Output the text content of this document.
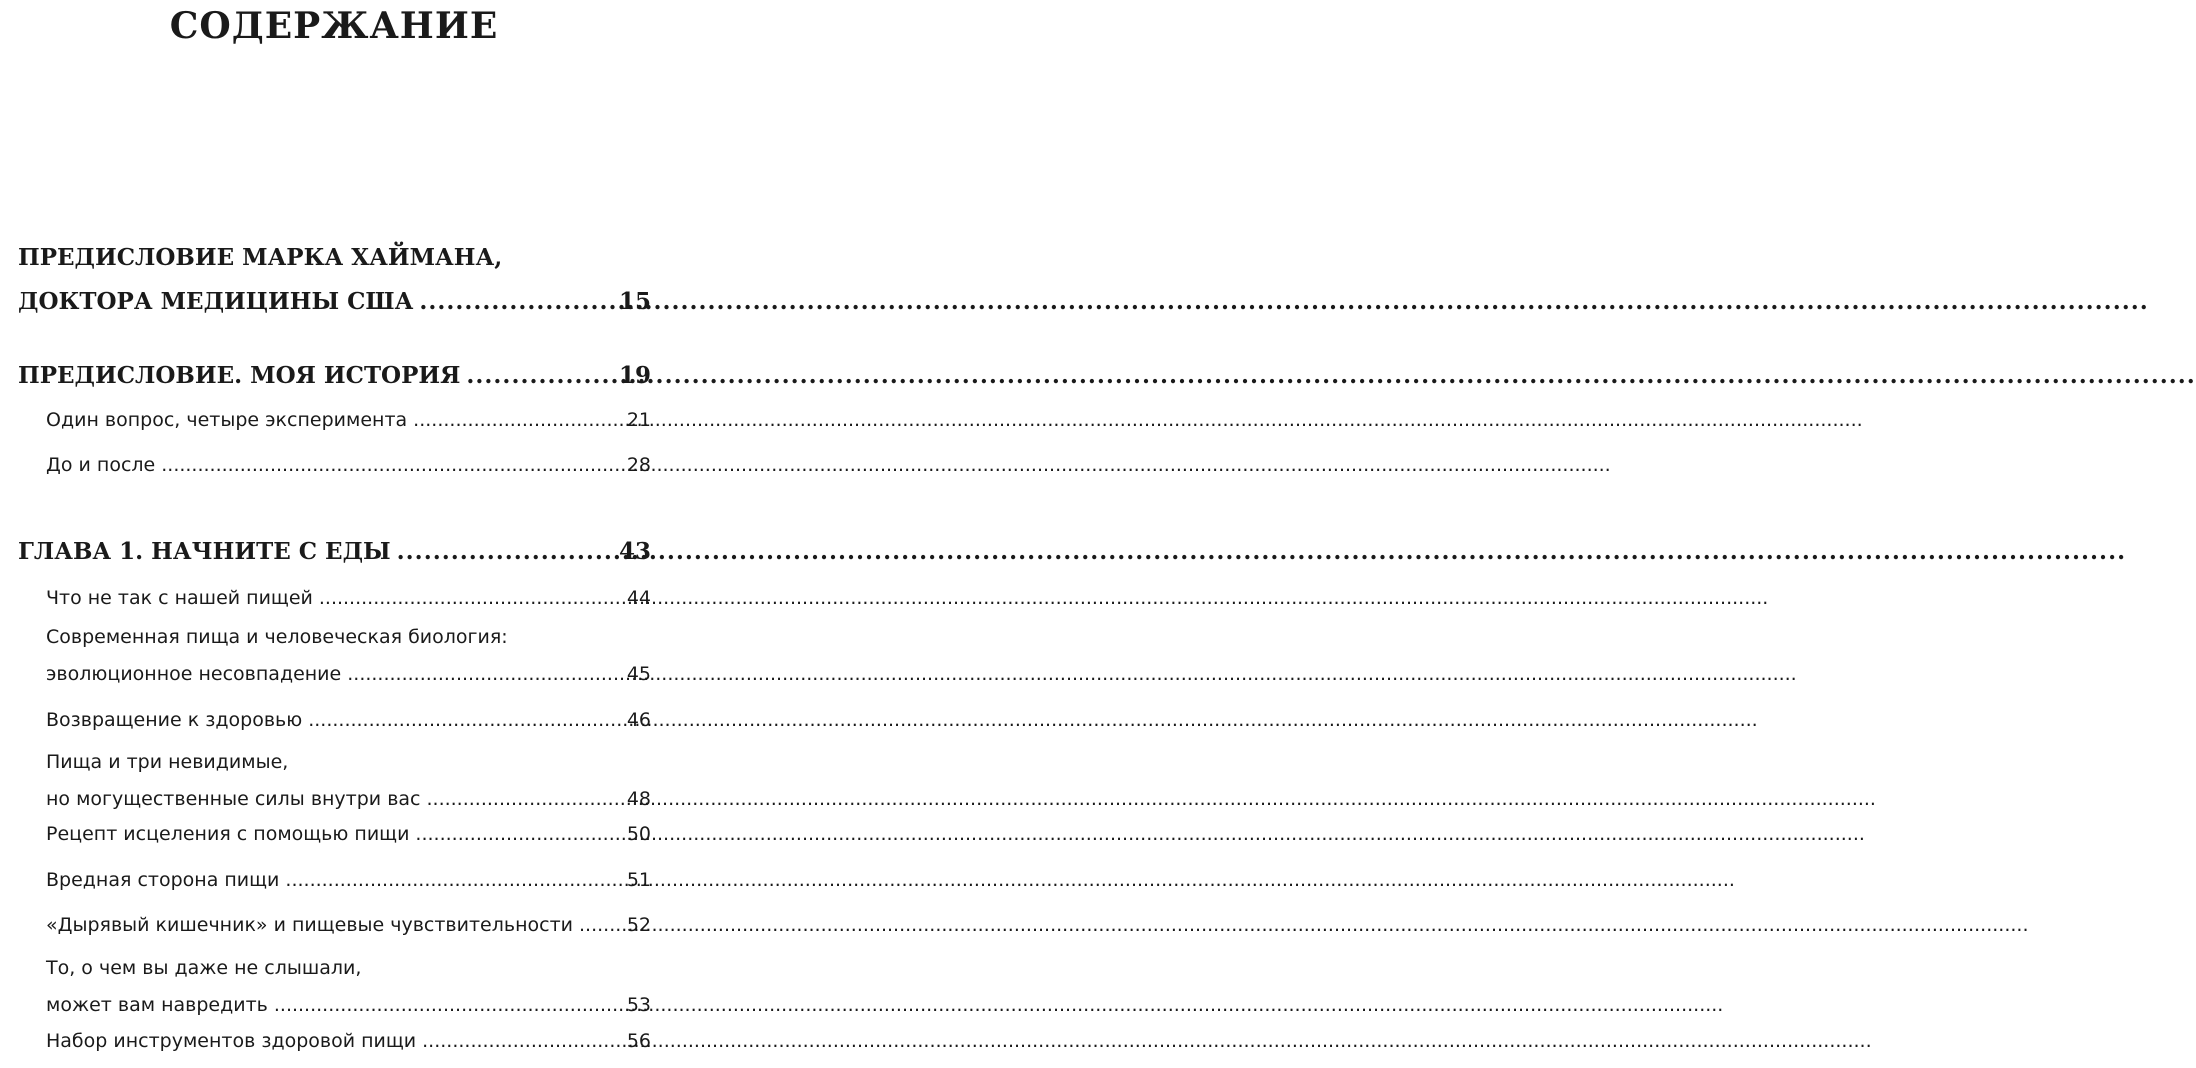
СОДЕРЖАНИЕ
ПРЕДИСЛОВИЕ МАРКА ХАЙМАНА,
ДОКТОРА МЕДИЦИНЫ США .....	15
ПРЕДИСЛОВИЕ. МОЯ ИСТОРИЯ .....	19
Один вопрос, четыре эксперимента .....	21
До и после .....	28
ГЛАВА 1. НАЧНИТЕ С ЕДЫ .....	43
Что не так с нашей пищей .....	44
Современная пища и человеческая биология:
эволюционное несовпадение .....	45
Возвращение к здоровью .....	46
Пища и три невидимые,
но могущественные силы внутри вас .....	48
Рецепт исцеления с помощью пищи .....	50
Вредная сторона пищи .....	51
«Дырявый кишечник» и пищевые чувствительности .....	52
То, о чем вы даже не слышали,
может вам навредить .....	53
Набор инструментов здоровой пищи .....	56
